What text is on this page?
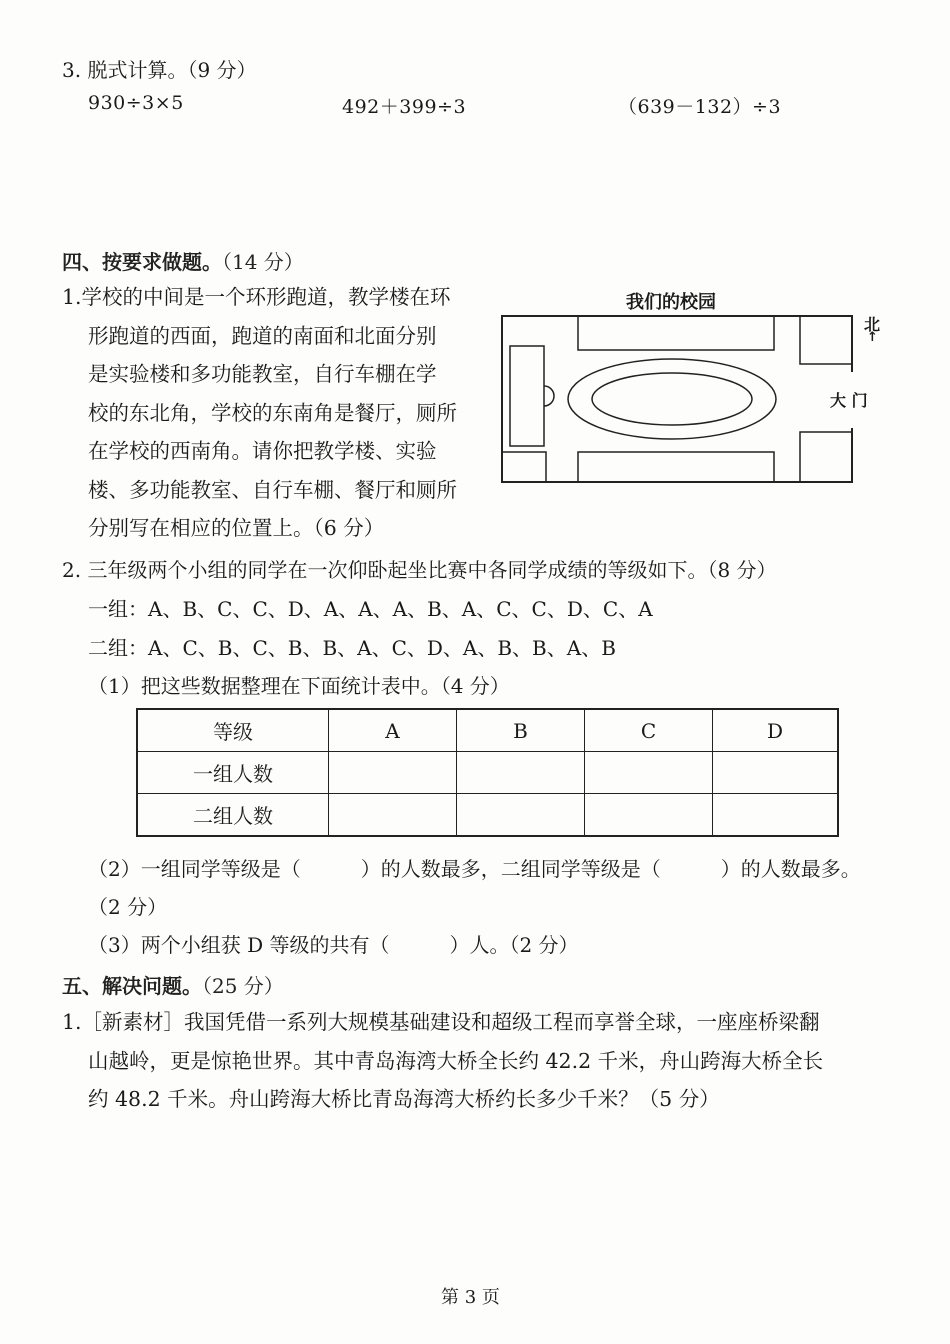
3. 脱式计算。（9 分）
930÷3×5	492＋399÷3	（639－132）÷3
四、按要求做题。（14 分）
1.学校的中间是一个环形跑道，教学楼在环
形跑道的西面，跑道的南面和北面分别
是实验楼和多功能教室，自行车棚在学
校的东北角，学校的东南角是餐厅，厕所
在学校的西南角。请你把教学楼、实验
楼、多功能教室、自行车棚、餐厅和厕所
分别写在相应的位置上。（6 分）
我们的校园
北
↑
大 门
2. 三年级两个小组的同学在一次仰卧起坐比赛中各同学成绩的等级如下。（8 分）
一组：A、B、C、C、D、A、A、A、B、A、C、C、D、C、A
二组：A、C、B、C、B、B、A、C、D、A、B、B、A、B
（1）把这些数据整理在下面统计表中。（4 分）
等级	A	B	C	D
一组人数				
二组人数				
（2）一组同学等级是（　　　）的人数最多，二组同学等级是（　　　）的人数最多。
（2 分）
（3）两个小组获 D 等级的共有（　　　）人。（2 分）
五、解决问题。（25 分）
1.［新素材］我国凭借一系列大规模基础建设和超级工程而享誉全球，一座座桥梁翻
山越岭，更是惊艳世界。其中青岛海湾大桥全长约 42.2 千米，舟山跨海大桥全长
约 48.2 千米。舟山跨海大桥比青岛海湾大桥约长多少千米？（5 分）
第 3 页
